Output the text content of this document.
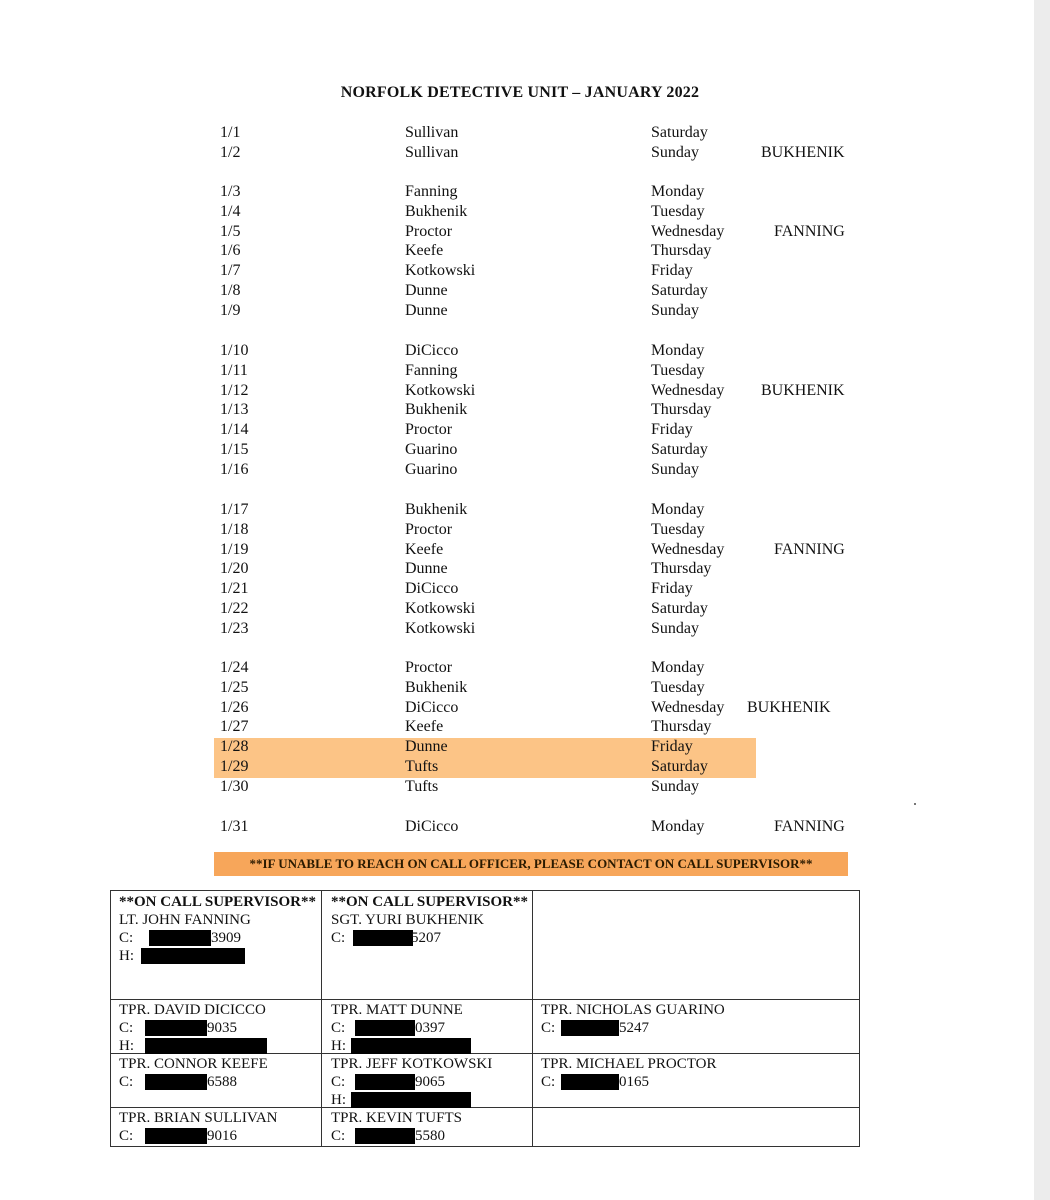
NORFOLK DETECTIVE UNIT – JANUARY 2022
1/1	Sullivan	Saturday
1/2	Sullivan	Sunday	BUKHENIK
1/3	Fanning	Monday
1/4	Bukhenik	Tuesday
1/5	Proctor	Wednesday	FANNING
1/6	Keefe	Thursday
1/7	Kotkowski	Friday
1/8	Dunne	Saturday
1/9	Dunne	Sunday
1/10	DiCicco	Monday
1/11	Fanning	Tuesday
1/12	Kotkowski	Wednesday BUKHENIK
1/13	Bukhenik	Thursday
1/14	Proctor	Friday
1/15	Guarino	Saturday
1/16	Guarino	Sunday
1/17	Bukhenik	Monday
1/18	Proctor	Tuesday
1/19	Keefe	Wednesday	FANNING
1/20	Dunne	Thursday
1/21	DiCicco	Friday
1/22	Kotkowski	Saturday
1/23	Kotkowski	Sunday
1/24	Proctor	Monday
1/25	Bukhenik	Tuesday
1/26	DiCicco	Wednesday BUKHENIK
1/27	Keefe	Thursday
1/28	Dunne	Friday
1/29	Tufts	Saturday
1/30	Tufts	Sunday
1/31	DiCicco	Monday	FANNING
**IF UNABLE TO REACH ON CALL OFFICER, PLEASE CONTACT ON CALL SUPERVISOR**
**ON CALL SUPERVISOR**
LT. JOHN FANNING
C:	3909
H:
**ON CALL SUPERVISOR**
SGT. YURI BUKHENIK
C:	5207
TPR. DAVID DICICCO
C:	9035
H:
TPR. MATT DUNNE
C:	0397
H:
TPR. NICHOLAS GUARINO
C:	5247
TPR. CONNOR KEEFE
C:	6588
TPR. JEFF KOTKOWSKI
C:	9065
H:
TPR. MICHAEL PROCTOR
C:	0165
TPR. BRIAN SULLIVAN
C:	9016
TPR. KEVIN TUFTS
C:	5580
